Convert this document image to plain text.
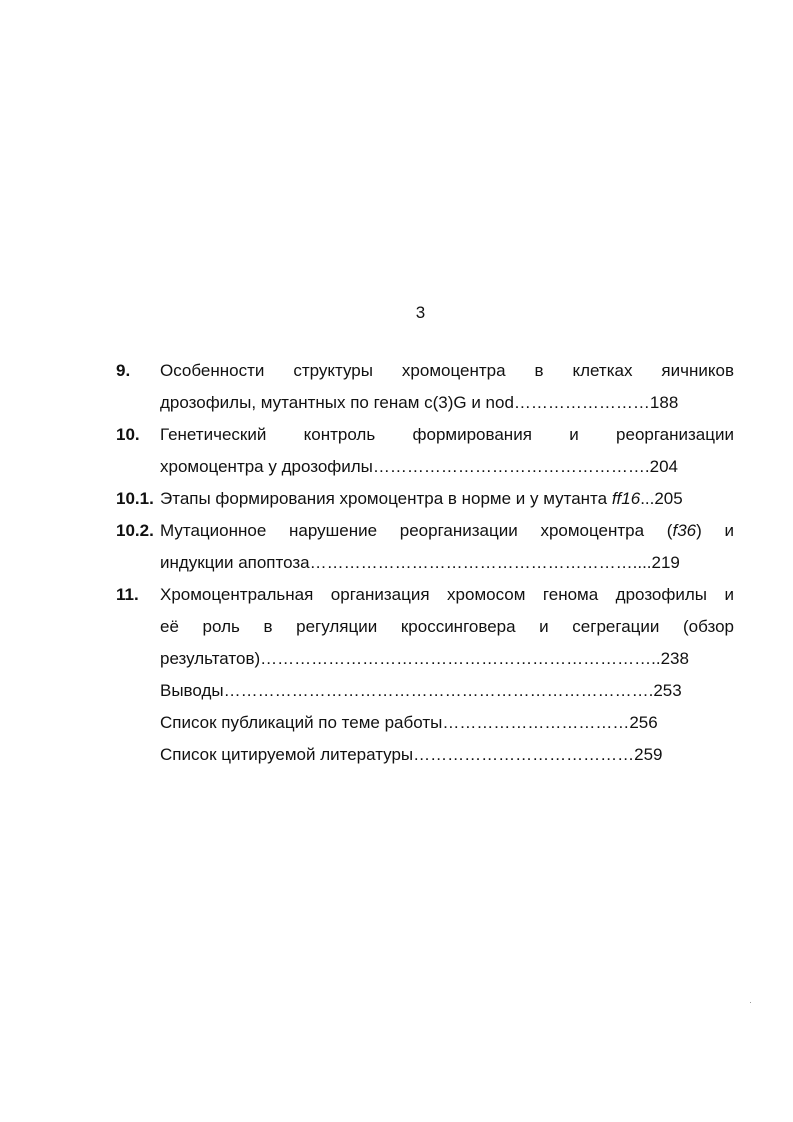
3
9. Особенности структуры хромоцентра в клетках яичников
дрозофилы, мутантных по генам с(3)G и nod……………………188
10. Генетический контроль формирования и реорганизации
хромоцентра у дрозофилы………………………………………….204
10.1. Этапы формирования хромоцентра в норме и у мутанта ff16...205
10.2. Мутационное нарушение реорганизации хромоцентра (f36) и
индукции апоптоза…………………………………………………....219
11. Хромоцентральная организация хромосом генома дрозофилы и
её роль в регуляции кроссинговера и сегрегации (обзор
результатов)……………………………………………………………..238
Выводы………………………………………………………………….253
Список публикаций по теме работы……………………………256
Список цитируемой литературы…………………………………259
